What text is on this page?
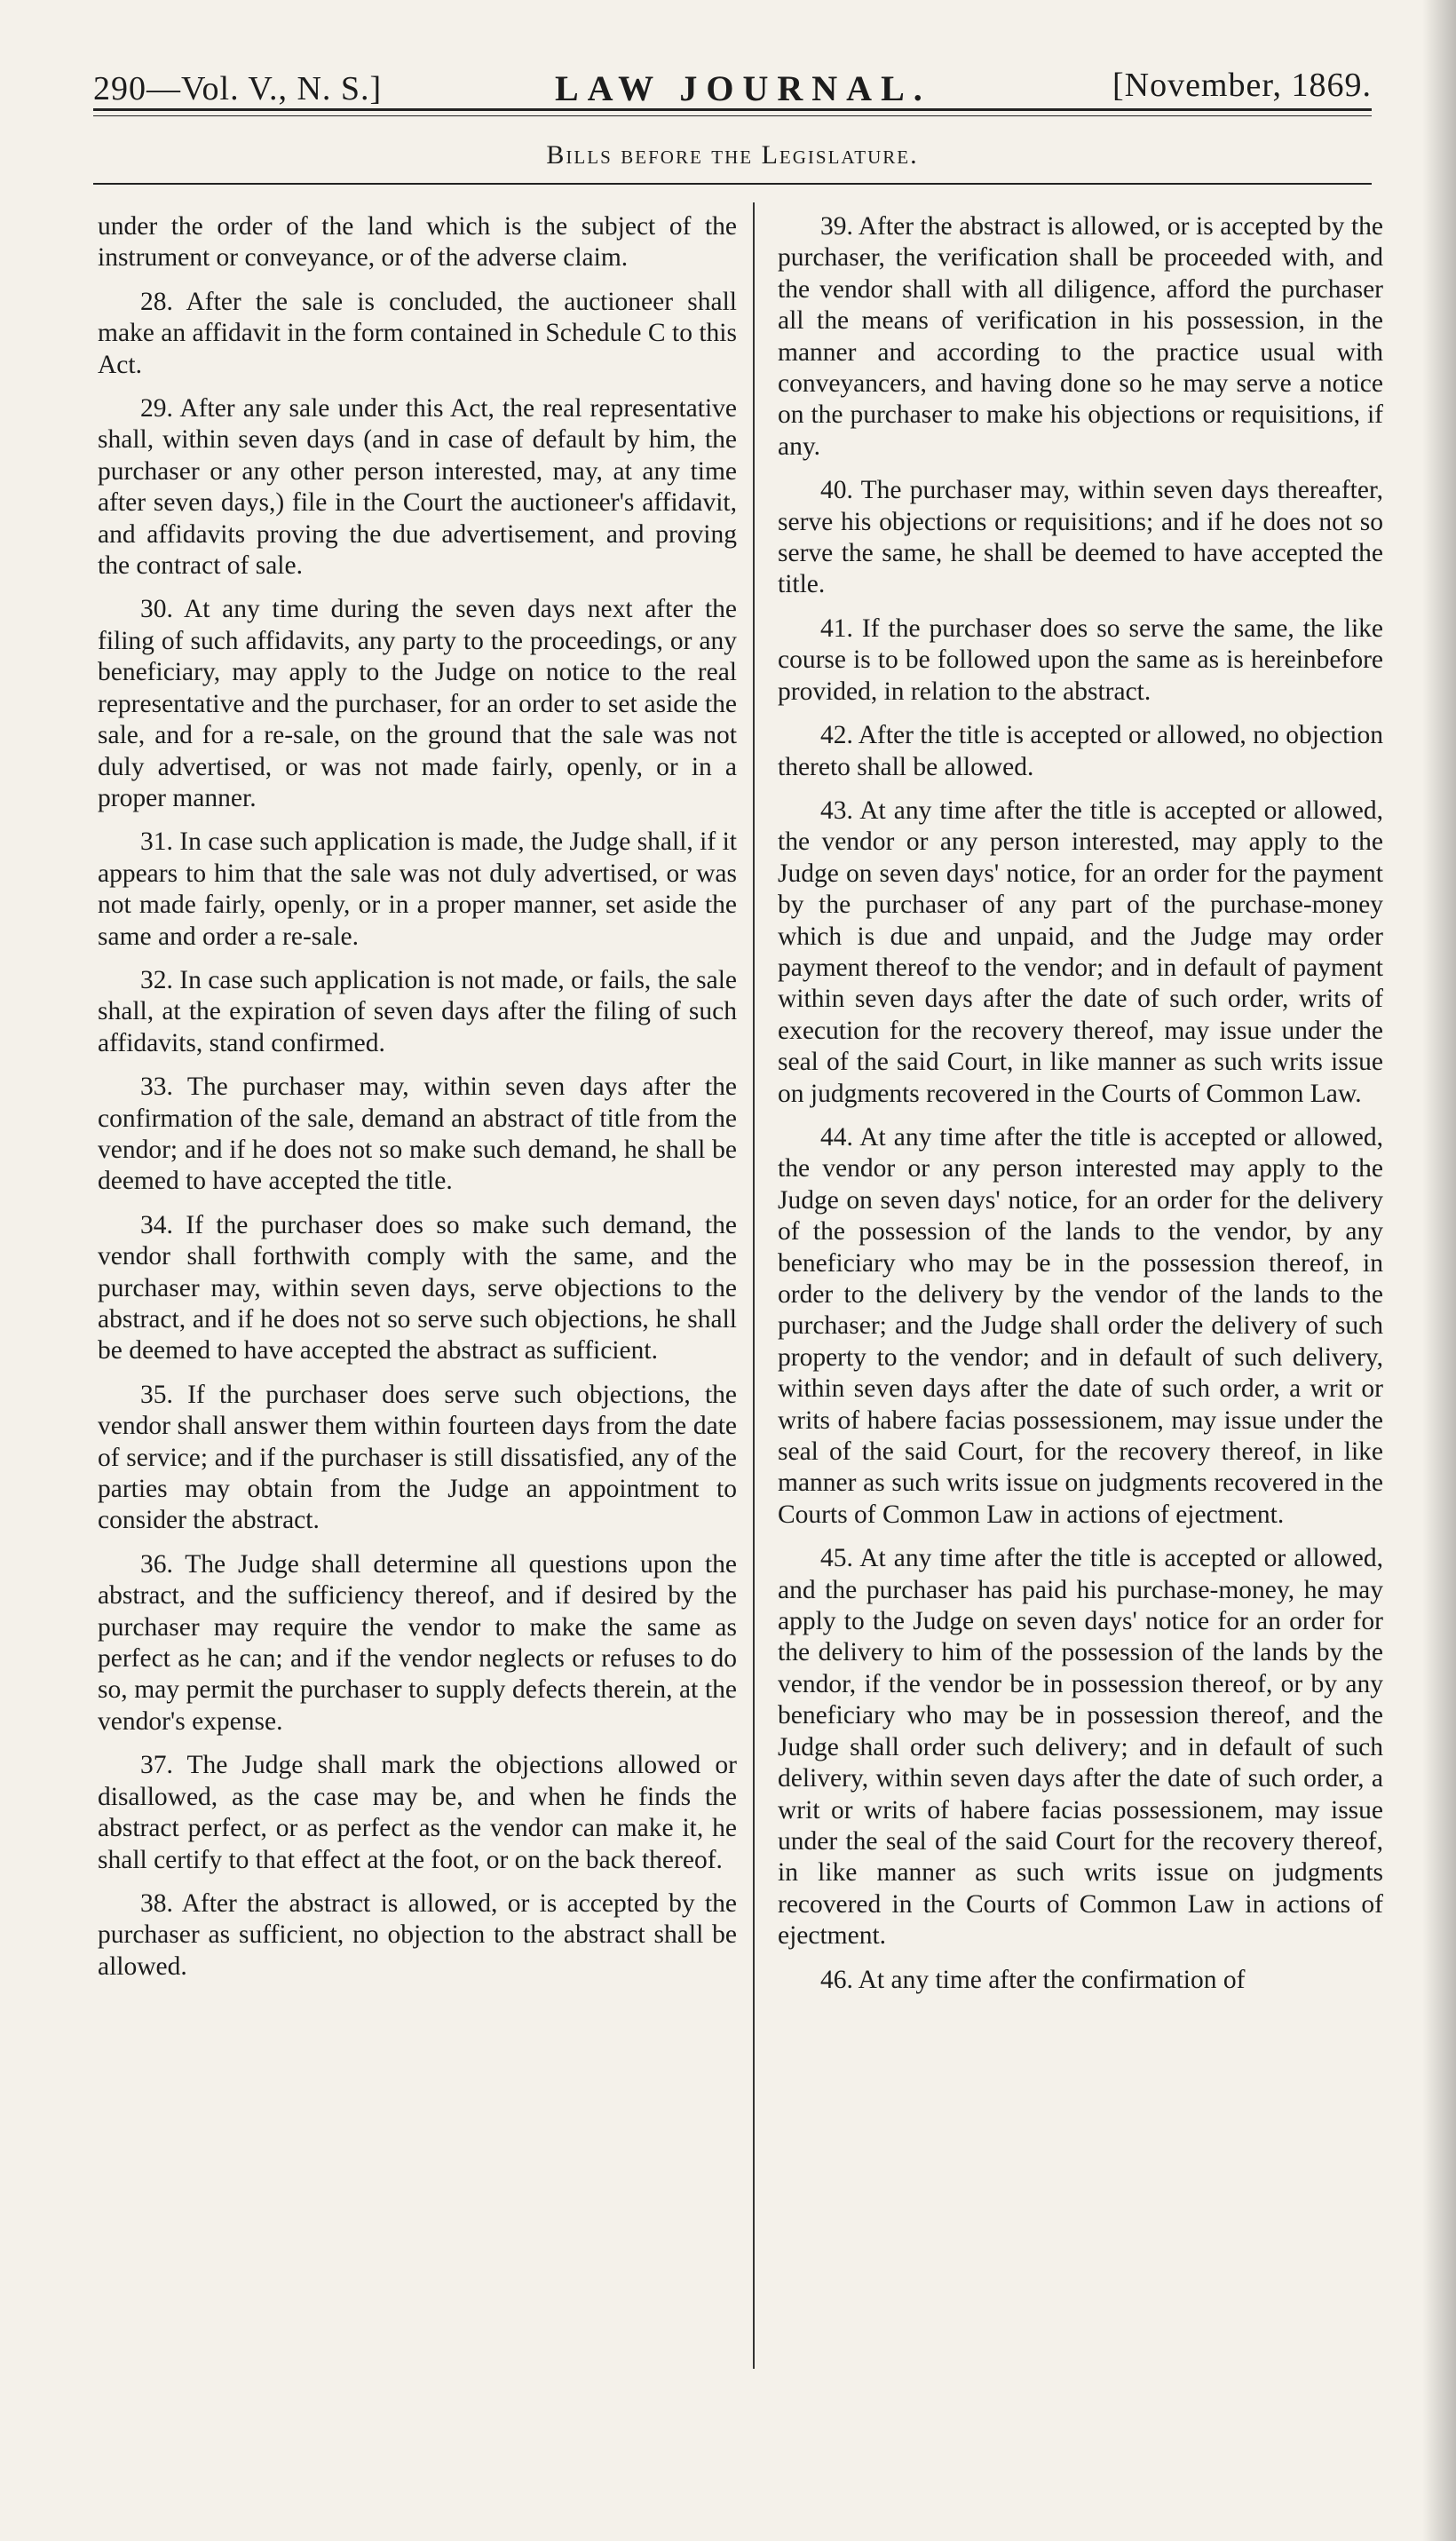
290—Vol. V., N. S.]	LAW JOURNAL.	[November, 1869.
Bills before the Legislature.

under the order of the land which is the subject of the instrument or conveyance, or of the adverse claim.

28. After the sale is concluded, the auctioneer shall make an affidavit in the form contained in Schedule C to this Act.

29. After any sale under this Act, the real representative shall, within seven days (and in case of default by him, the purchaser or any other person interested, may, at any time after seven days,) file in the Court the auctioneer's affidavit, and affidavits proving the due advertisement, and proving the contract of sale.

30. At any time during the seven days next after the filing of such affidavits, any party to the proceedings, or any beneficiary, may apply to the Judge on notice to the real representative and the purchaser, for an order to set aside the sale, and for a re-sale, on the ground that the sale was not duly advertised, or was not made fairly, openly, or in a proper manner.

31. In case such application is made, the Judge shall, if it appears to him that the sale was not duly advertised, or was not made fairly, openly, or in a proper manner, set aside the same and order a re-sale.

32. In case such application is not made, or fails, the sale shall, at the expiration of seven days after the filing of such affidavits, stand confirmed.

33. The purchaser may, within seven days after the confirmation of the sale, demand an abstract of title from the vendor; and if he does not so make such demand, he shall be deemed to have accepted the title.

34. If the purchaser does so make such demand, the vendor shall forthwith comply with the same, and the purchaser may, within seven days, serve objections to the abstract, and if he does not so serve such objections, he shall be deemed to have accepted the abstract as sufficient.

35. If the purchaser does serve such objections, the vendor shall answer them within fourteen days from the date of service; and if the purchaser is still dissatisfied, any of the parties may obtain from the Judge an appointment to consider the abstract.

36. The Judge shall determine all questions upon the abstract, and the sufficiency thereof, and if desired by the purchaser may require the vendor to make the same as perfect as he can; and if the vendor neglects or refuses to do so, may permit the purchaser to supply defects therein, at the vendor's expense.

37. The Judge shall mark the objections allowed or disallowed, as the case may be, and when he finds the abstract perfect, or as perfect as the vendor can make it, he shall certify to that effect at the foot, or on the back thereof.

38. After the abstract is allowed, or is accepted by the purchaser as sufficient, no objection to the abstract shall be allowed.

39. After the abstract is allowed, or is accepted by the purchaser, the verification shall be proceeded with, and the vendor shall with all diligence, afford the purchaser all the means of verification in his possession, in the manner and according to the practice usual with conveyancers, and having done so he may serve a notice on the purchaser to make his objections or requisitions, if any.

40. The purchaser may, within seven days thereafter, serve his objections or requisitions; and if he does not so serve the same, he shall be deemed to have accepted the title.

41. If the purchaser does so serve the same, the like course is to be followed upon the same as is hereinbefore provided, in relation to the abstract.

42. After the title is accepted or allowed, no objection thereto shall be allowed.

43. At any time after the title is accepted or allowed, the vendor or any person interested, may apply to the Judge on seven days' notice, for an order for the payment by the purchaser of any part of the purchase-money which is due and unpaid, and the Judge may order payment thereof to the vendor; and in default of payment within seven days after the date of such order, writs of execution for the recovery thereof, may issue under the seal of the said Court, in like manner as such writs issue on judgments recovered in the Courts of Common Law.

44. At any time after the title is accepted or allowed, the vendor or any person interested may apply to the Judge on seven days' notice, for an order for the delivery of the possession of the lands to the vendor, by any beneficiary who may be in the possession thereof, in order to the delivery by the vendor of the lands to the purchaser; and the Judge shall order the delivery of such property to the vendor; and in default of such delivery, within seven days after the date of such order, a writ or writs of habere facias possessionem, may issue under the seal of the said Court, for the recovery thereof, in like manner as such writs issue on judgments recovered in the Courts of Common Law in actions of ejectment.

45. At any time after the title is accepted or allowed, and the purchaser has paid his purchase-money, he may apply to the Judge on seven days' notice for an order for the delivery to him of the possession of the lands by the vendor, if the vendor be in possession thereof, or by any beneficiary who may be in possession thereof, and the Judge shall order such delivery; and in default of such delivery, within seven days after the date of such order, a writ or writs of habere facias possessionem, may issue under the seal of the said Court for the recovery thereof, in like manner as such writs issue on judgments recovered in the Courts of Common Law in actions of ejectment.

46. At any time after the confirmation of
